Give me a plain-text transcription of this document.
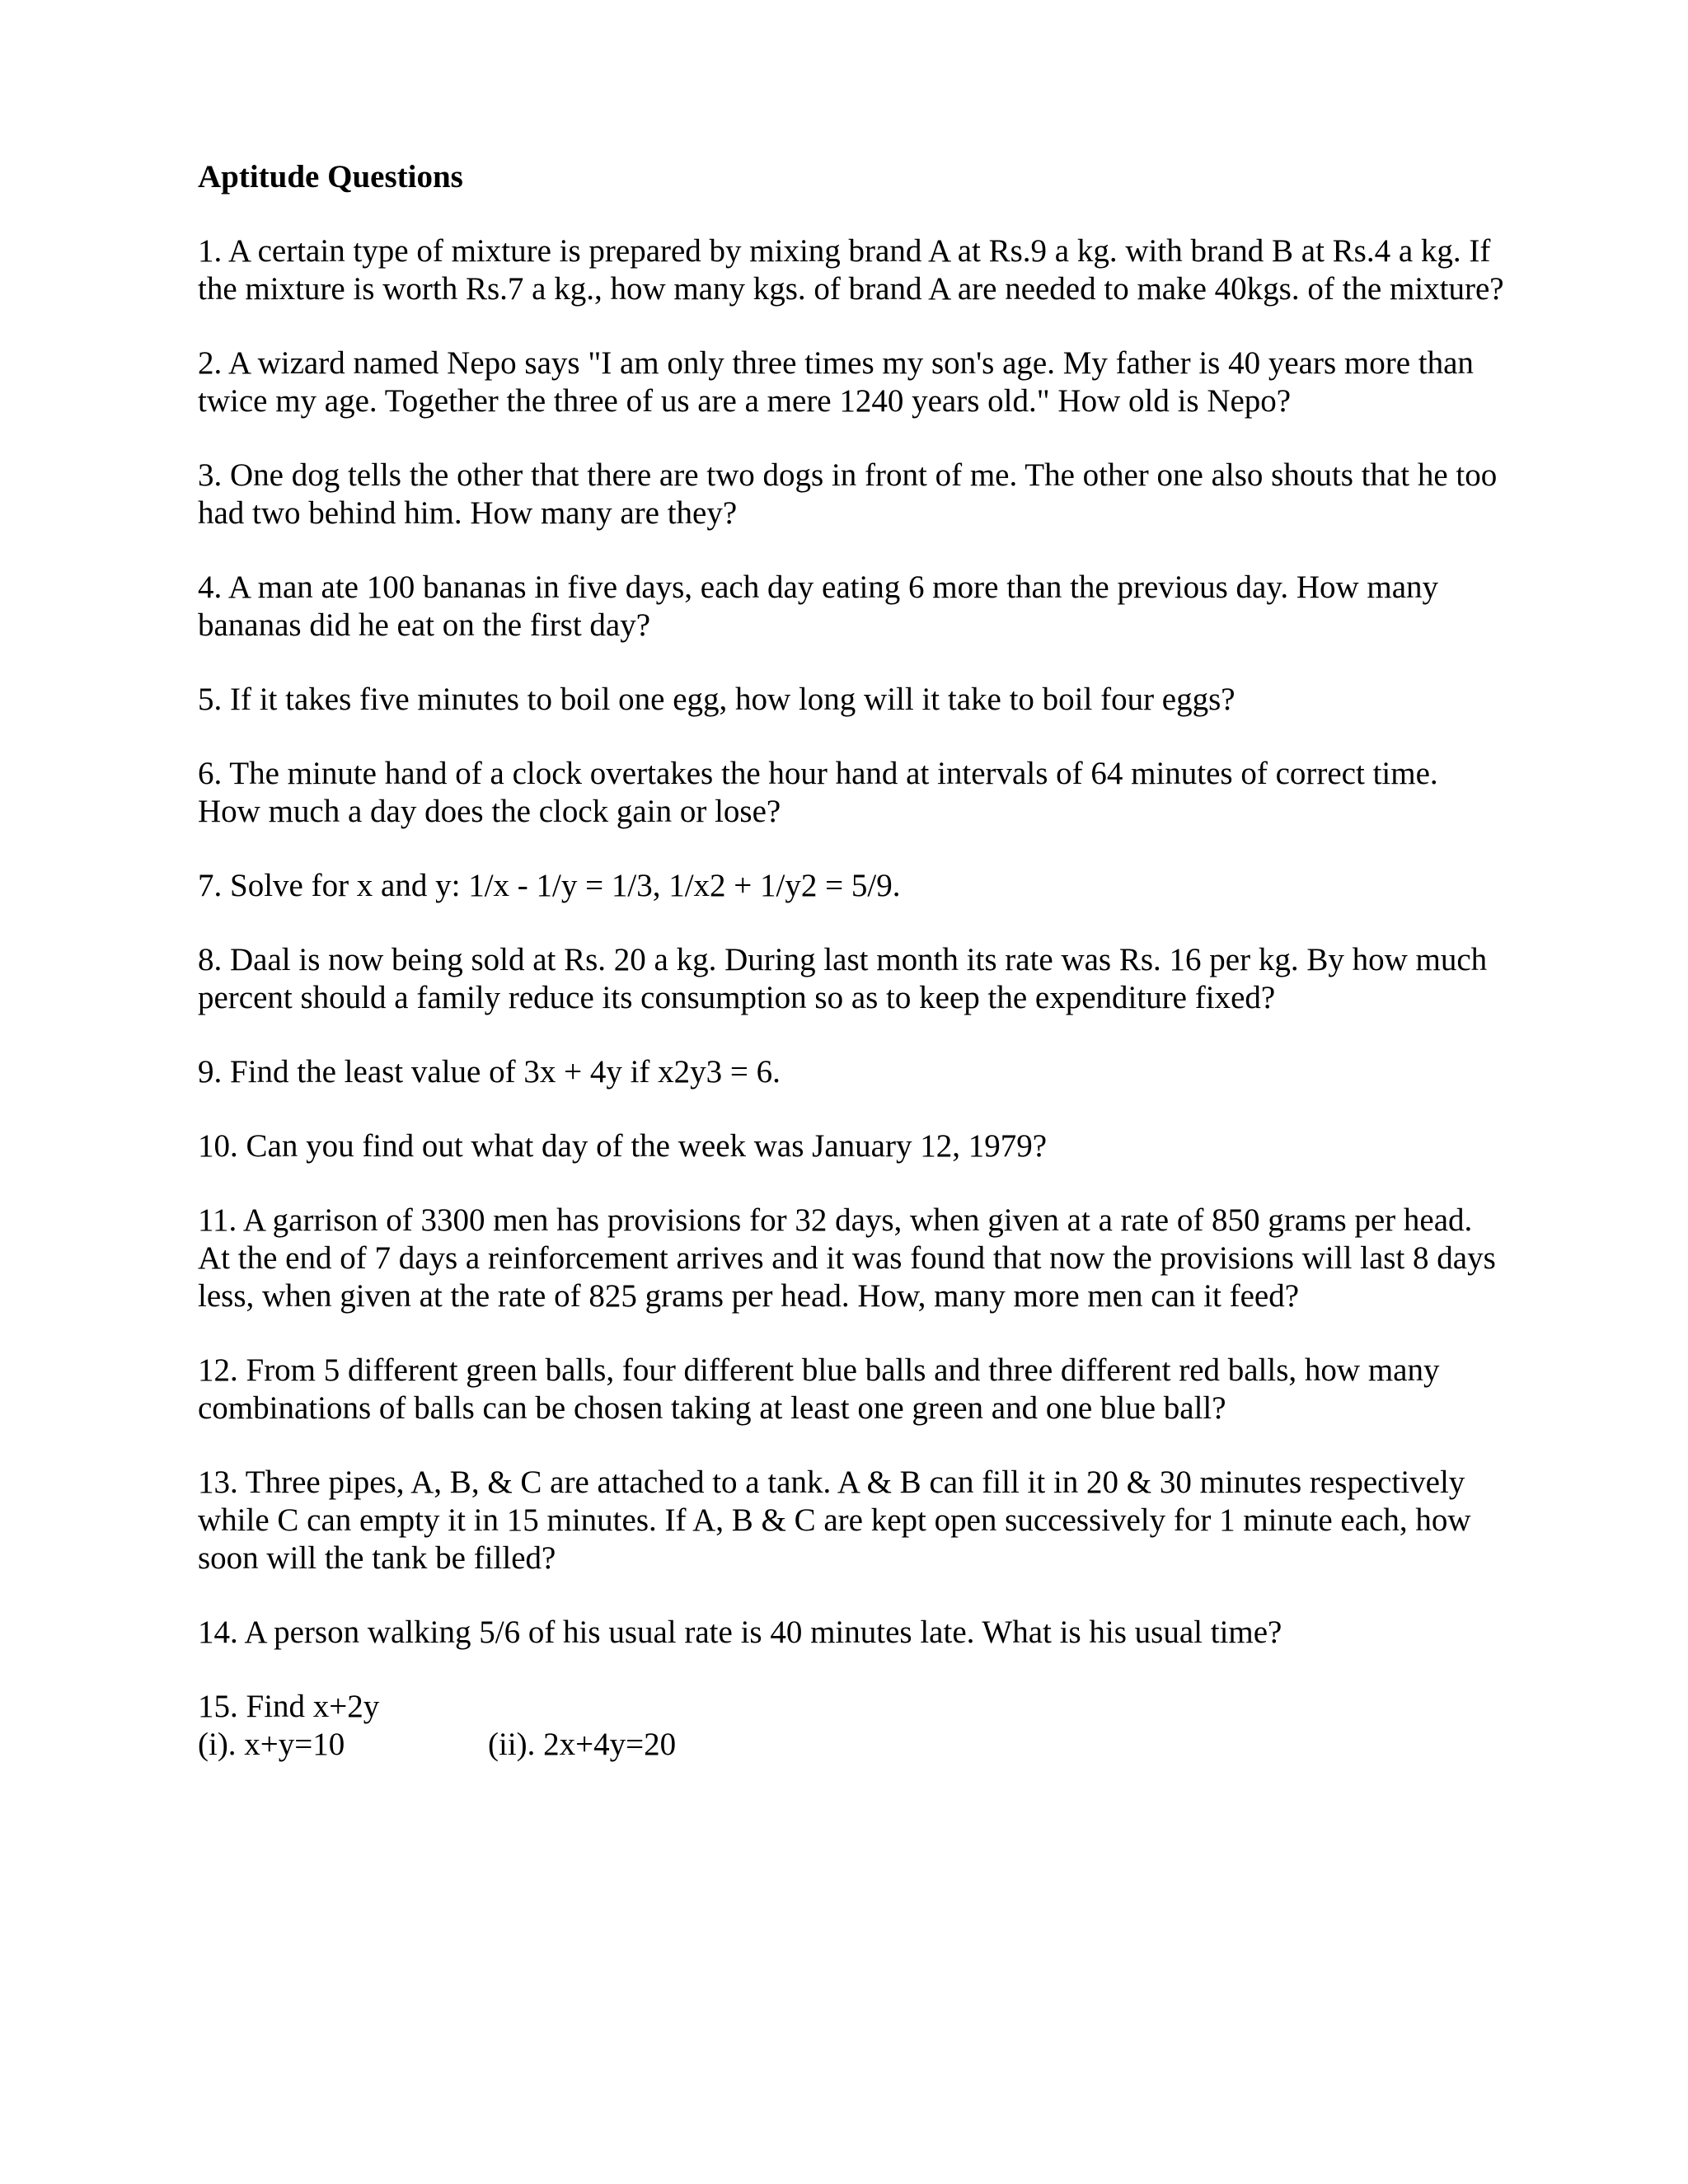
Aptitude Questions
1. A certain type of mixture is prepared by mixing brand A at Rs.9 a kg. with brand B at Rs.4 a kg. If the mixture is worth Rs.7 a kg., how many kgs. of brand A are needed to make 40kgs. of the mixture?
2. A wizard named Nepo says "I am only three times my son's age. My father is 40 years more than twice my age. Together the three of us are a mere 1240 years old." How old is Nepo?
3. One dog tells the other that there are two dogs in front of me. The other one also shouts that he too had two behind him. How many are they?
4. A man ate 100 bananas in five days, each day eating 6 more than the previous day. How many bananas did he eat on the first day?
5. If it takes five minutes to boil one egg, how long will it take to boil four eggs?
6. The minute hand of a clock overtakes the hour hand at intervals of 64 minutes of correct time. How much a day does the clock gain or lose?
7. Solve for x and y: 1/x - 1/y = 1/3, 1/x2 + 1/y2 = 5/9.
8. Daal is now being sold at Rs. 20 a kg. During last month its rate was Rs. 16 per kg. By how much percent should a family reduce its consumption so as to keep the expenditure fixed?
9. Find the least value of 3x + 4y if x2y3 = 6.
10. Can you find out what day of the week was January 12, 1979?
11. A garrison of 3300 men has provisions for 32 days, when given at a rate of 850 grams per head. At the end of 7 days a reinforcement arrives and it was found that now the provisions will last 8 days less, when given at the rate of 825 grams per head. How, many more men can it feed?
12. From 5 different green balls, four different blue balls and three different red balls, how many combinations of balls can be chosen taking at least one green and one blue ball?
13. Three pipes, A, B, & C are attached to a tank. A & B can fill it in 20 & 30 minutes respectively while C can empty it in 15 minutes. If A, B & C are kept open successively for 1 minute each, how soon will the tank be filled?
14. A person walking 5/6 of his usual rate is 40 minutes late. What is his usual time?
15. Find x+2y
(i). x+y=10	(ii). 2x+4y=20
